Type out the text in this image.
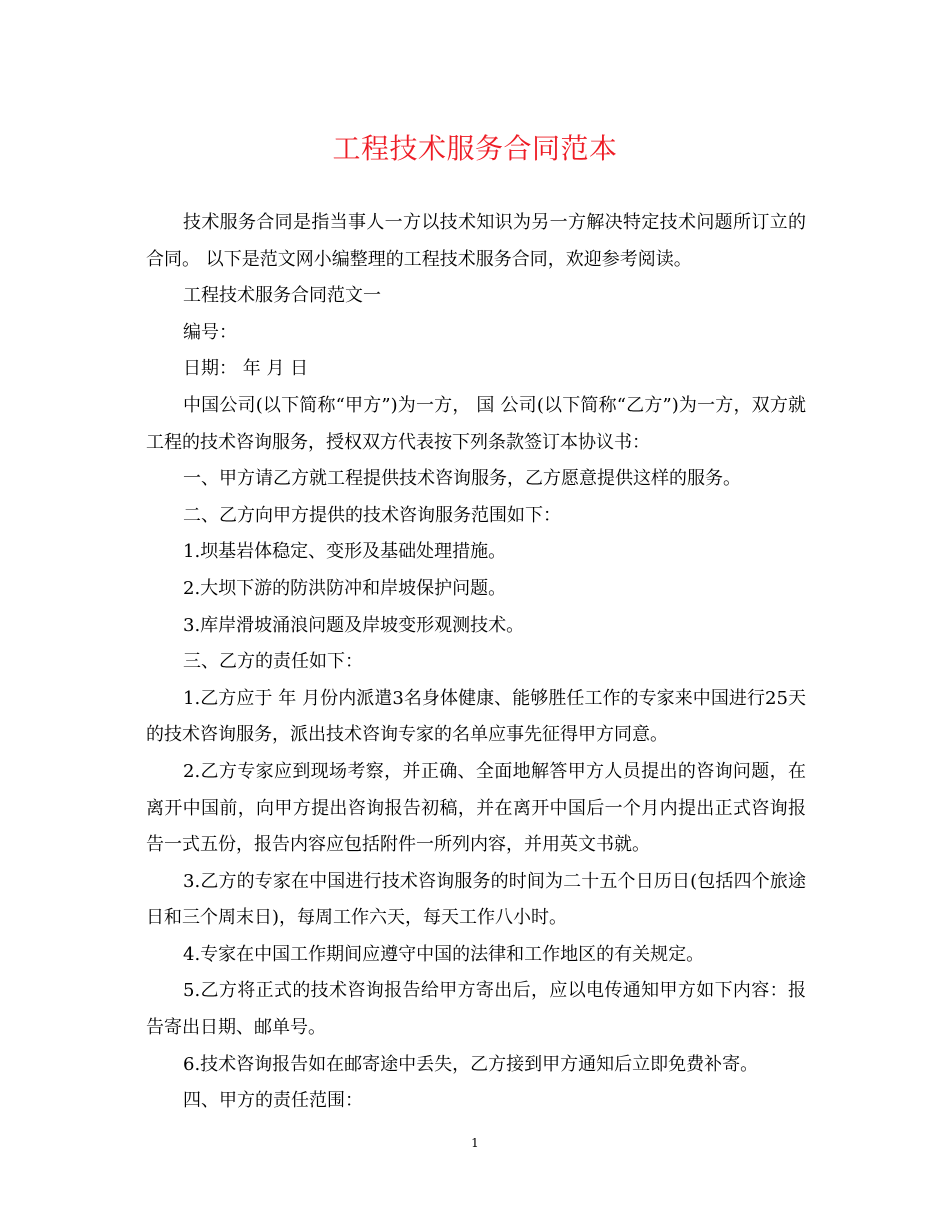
工程技术服务合同范本

技术服务合同是指当事人一方以技术知识为另一方解决特定技术问题所订立的合同。 以下是范文网小编整理的工程技术服务合同，欢迎参考阅读。

工程技术服务合同范文一

编号：

日期： 年 月 日

中国公司(以下简称“甲方”)为一方， 国 公司(以下简称“乙方”)为一方，双方就工程的技术咨询服务，授权双方代表按下列条款签订本协议书：

一、甲方请乙方就工程提供技术咨询服务，乙方愿意提供这样的服务。

二、乙方向甲方提供的技术咨询服务范围如下：

1.坝基岩体稳定、变形及基础处理措施。

2.大坝下游的防洪防冲和岸坡保护问题。

3.库岸滑坡涌浪问题及岸坡变形观测技术。

三、乙方的责任如下：

1.乙方应于 年 月份内派遣3名身体健康、能够胜任工作的专家来中国进行25天的技术咨询服务，派出技术咨询专家的名单应事先征得甲方同意。

2.乙方专家应到现场考察，并正确、全面地解答甲方人员提出的咨询问题，在离开中国前，向甲方提出咨询报告初稿，并在离开中国后一个月内提出正式咨询报告一式五份，报告内容应包括附件一所列内容，并用英文书就。

3.乙方的专家在中国进行技术咨询服务的时间为二十五个日历日(包括四个旅途日和三个周末日)，每周工作六天，每天工作八小时。

4.专家在中国工作期间应遵守中国的法律和工作地区的有关规定。

5.乙方将正式的技术咨询报告给甲方寄出后，应以电传通知甲方如下内容：报告寄出日期、邮单号。

6.技术咨询报告如在邮寄途中丢失，乙方接到甲方通知后立即免费补寄。

四、甲方的责任范围：

1
